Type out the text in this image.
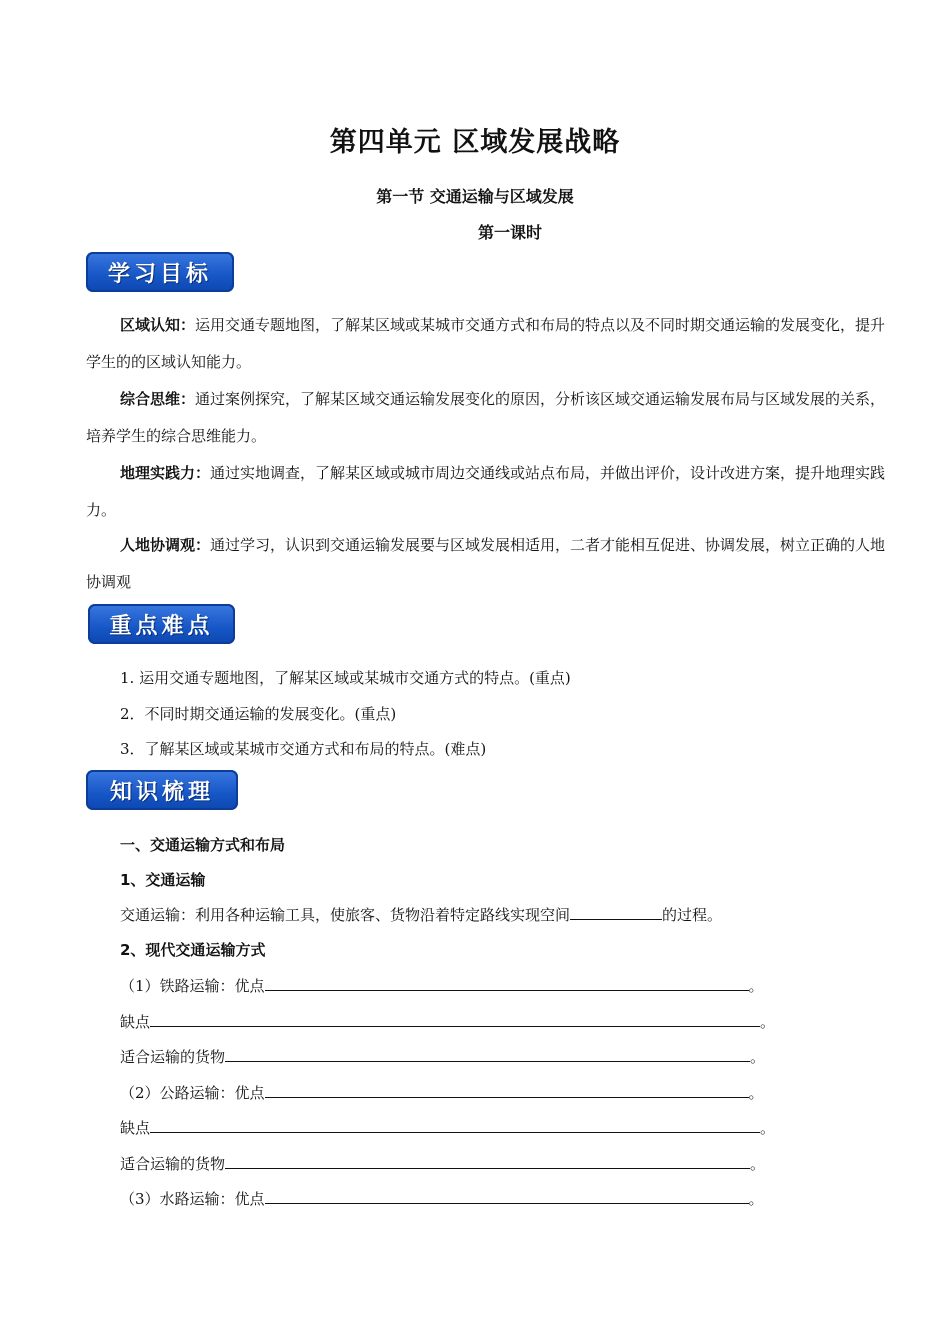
第四单元 区域发展战略
第一节 交通运输与区域发展
第一课时
学习目标
区域认知：运用交通专题地图，了解某区域或某城市交通方式和布局的特点以及不同时期交通运输的发展变化，提升学生的的区域认知能力。
综合思维：通过案例探究，了解某区域交通运输发展变化的原因，分析该区域交通运输发展布局与区域发展的关系，培养学生的综合思维能力。
地理实践力：通过实地调查，了解某区域或城市周边交通线或站点布局，并做出评价，设计改进方案，提升地理实践力。
人地协调观：通过学习，认识到交通运输发展要与区域发展相适用，二者才能相互促进、协调发展，树立正确的人地协调观
重点难点
1. 运用交通专题地图，了解某区域或某城市交通方式的特点。(重点)
2．不同时期交通运输的发展变化。(重点)
3．了解某区域或某城市交通方式和布局的特点。(难点)
知识梳理
一、交通运输方式和布局
1、交通运输
交通运输：利用各种运输工具，使旅客、货物沿着特定路线实现空间	的过程。
2、现代交通运输方式
（1）铁路运输：优点	。
缺点	。
适合运输的货物	。
（2）公路运输：优点	。
缺点	。
适合运输的货物	。
（3）水路运输：优点	。
